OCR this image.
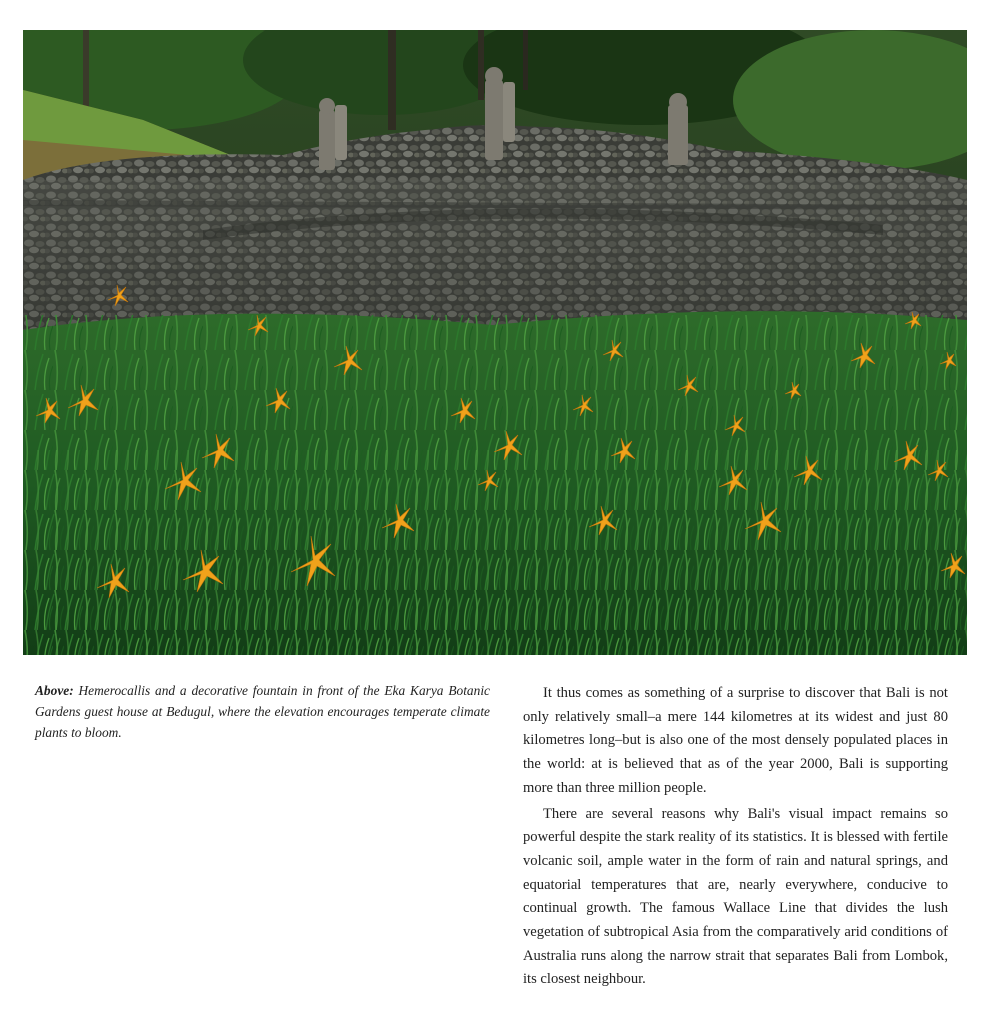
Above: Hemerocallis and a decorative fountain in front of the Eka Karya Botanic Gardens guest house at Bedugul, where the elevation encourages temperate climate plants to bloom.

It thus comes as something of a surprise to discover that Bali is not only relatively small–a mere 144 kilometres at its widest and just 80 kilometres long–but is also one of the most densely populated places in the world: at is believed that as of the year 2000, Bali is supporting more than three million people.

There are several reasons why Bali's visual impact remains so powerful despite the stark reality of its statistics. It is blessed with fertile volcanic soil, ample water in the form of rain and natural springs, and equatorial temperatures that are, nearly everywhere, conducive to continual growth. The famous Wallace Line that divides the lush vegetation of subtropical Asia from the comparatively arid conditions of Australia runs along the narrow strait that separates Bali from Lombok, its closest neighbour.
